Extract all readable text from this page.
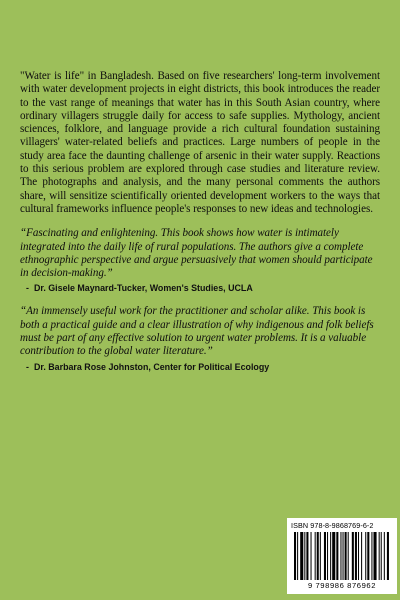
"Water is life" in Bangladesh. Based on five researchers' long-term involvement with water development projects in eight districts, this book introduces the reader to the vast range of meanings that water has in this South Asian country, where ordinary villagers struggle daily for access to safe supplies. Mythology, ancient sciences, folklore, and language provide a rich cultural foundation sustaining villagers' water-related beliefs and practices. Large numbers of people in the study area face the daunting challenge of arsenic in their water supply. Reactions to this serious problem are explored through case studies and literature review. The photographs and analysis, and the many personal comments the authors share, will sensitize scientifically oriented development workers to the ways that cultural frameworks influence people's responses to new ideas and technologies.

“Fascinating and enlightening. This book shows how water is intimately integrated into the daily life of rural populations. The authors give a complete ethnographic perspective and argue persuasively that women should participate in decision-making.”

- Dr. Gisele Maynard-Tucker, Women's Studies, UCLA

“An immensely useful work for the practitioner and scholar alike. This book is both a practical guide and a clear illustration of why indigenous and folk beliefs must be part of any effective solution to urgent water problems. It is a valuable contribution to the global water literature.”

- Dr. Barbara Rose Johnston, Center for Political Ecology
ISBN 978-8-9868769-6-2
9 798986 876962
